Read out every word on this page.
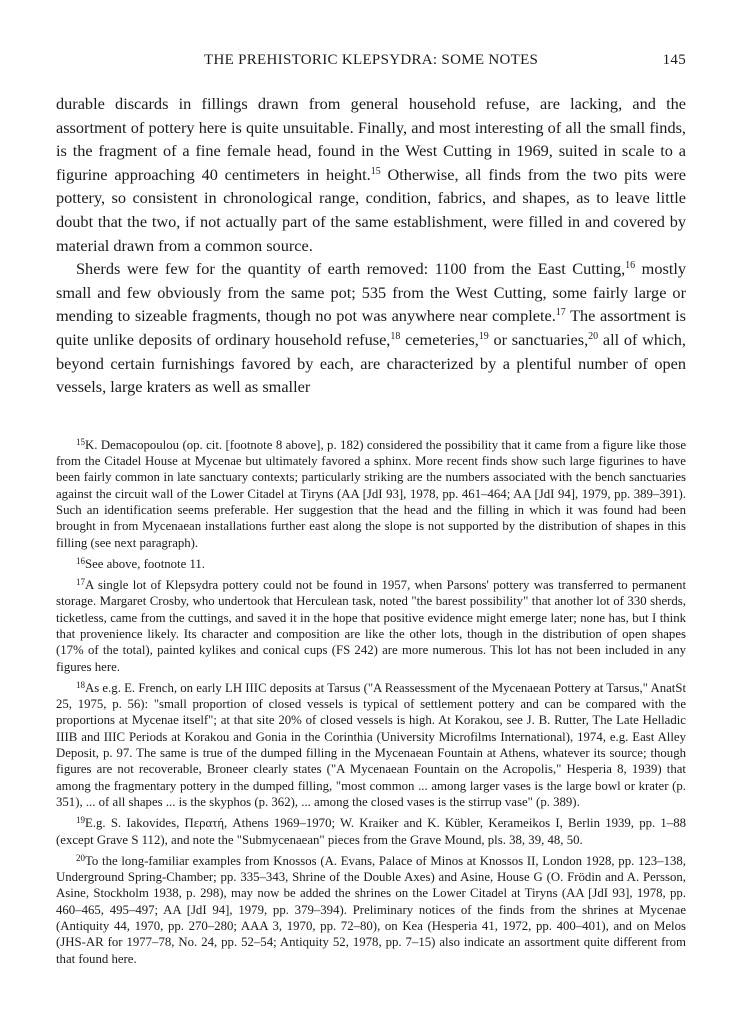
THE PREHISTORIC KLEPSYDRA: SOME NOTES	145

durable discards in fillings drawn from general household refuse, are lacking, and the assortment of pottery here is quite unsuitable. Finally, and most interesting of all the small finds, is the fragment of a fine female head, found in the West Cutting in 1969, suited in scale to a figurine approaching 40 centimeters in height.$^{15}$ Otherwise, all finds from the two pits were pottery, so consistent in chronological range, condition, fabrics, and shapes, as to leave little doubt that the two, if not actually part of the same establishment, were filled in and covered by material drawn from a common source.

Sherds were few for the quantity of earth removed: 1100 from the East Cutting,$^{16}$ mostly small and few obviously from the same pot; 535 from the West Cutting, some fairly large or mending to sizeable fragments, though no pot was anywhere near complete.$^{17}$ The assortment is quite unlike deposits of ordinary household refuse,$^{18}$ cemeteries,$^{19}$ or sanctuaries,$^{20}$ all of which, beyond certain furnishings favored by each, are characterized by a plentiful number of open vessels, large kraters as well as smaller

$^{15}$K. Demacopoulou (op. cit. [footnote 8 above], p. 182) considered the possibility that it came from a figure like those from the Citadel House at Mycenae but ultimately favored a sphinx. More recent finds show such large figurines to have been fairly common in late sanctuary contexts; particularly striking are the numbers associated with the bench sanctuaries against the circuit wall of the Lower Citadel at Tiryns (AA [JdI 93], 1978, pp. 461–464; AA [JdI 94], 1979, pp. 389–391). Such an identification seems preferable. Her suggestion that the head and the filling in which it was found had been brought in from Mycenaean installations further east along the slope is not supported by the distribution of shapes in this filling (see next paragraph).

$^{16}$See above, footnote 11.

$^{17}$A single lot of Klepsydra pottery could not be found in 1957, when Parsons' pottery was transferred to permanent storage. Margaret Crosby, who undertook that Herculean task, noted "the barest possibility" that another lot of 330 sherds, ticketless, came from the cuttings, and saved it in the hope that positive evidence might emerge later; none has, but I think that provenience likely. Its character and composition are like the other lots, though in the distribution of open shapes (17% of the total), painted kylikes and conical cups (FS 242) are more numerous. This lot has not been included in any figures here.

$^{18}$As e.g. E. French, on early LH IIIC deposits at Tarsus ("A Reassessment of the Mycenaean Pottery at Tarsus," AnatSt 25, 1975, p. 56): "small proportion of closed vessels is typical of settlement pottery and can be compared with the proportions at Mycenae itself"; at that site 20% of closed vessels is high. At Korakou, see J. B. Rutter, The Late Helladic IIIB and IIIC Periods at Korakou and Gonia in the Corinthia (University Microfilms International), 1974, e.g. East Alley Deposit, p. 97. The same is true of the dumped filling in the Mycenaean Fountain at Athens, whatever its source; though figures are not recoverable, Broneer clearly states ("A Mycenaean Fountain on the Acropolis," Hesperia 8, 1939) that among the fragmentary pottery in the dumped filling, "most common ... among larger vases is the large bowl or krater (p. 351), ... of all shapes ... is the skyphos (p. 362), ... among the closed vases is the stirrup vase" (p. 389).

$^{19}$E.g. S. Iakovides, Περατή, Athens 1969–1970; W. Kraiker and K. Kübler, Kerameikos I, Berlin 1939, pp. 1–88 (except Grave S 112), and note the "Submycenaean" pieces from the Grave Mound, pls. 38, 39, 48, 50.

$^{20}$To the long-familiar examples from Knossos (A. Evans, Palace of Minos at Knossos II, London 1928, pp. 123–138, Underground Spring-Chamber; pp. 335–343, Shrine of the Double Axes) and Asine, House G (O. Frödin and A. Persson, Asine, Stockholm 1938, p. 298), may now be added the shrines on the Lower Citadel at Tiryns (AA [JdI 93], 1978, pp. 460–465, 495–497; AA [JdI 94], 1979, pp. 379–394). Preliminary notices of the finds from the shrines at Mycenae (Antiquity 44, 1970, pp. 270–280; AAA 3, 1970, pp. 72–80), on Kea (Hesperia 41, 1972, pp. 400–401), and on Melos (JHS-AR for 1977–78, No. 24, pp. 52–54; Antiquity 52, 1978, pp. 7–15) also indicate an assortment quite different from that found here.
